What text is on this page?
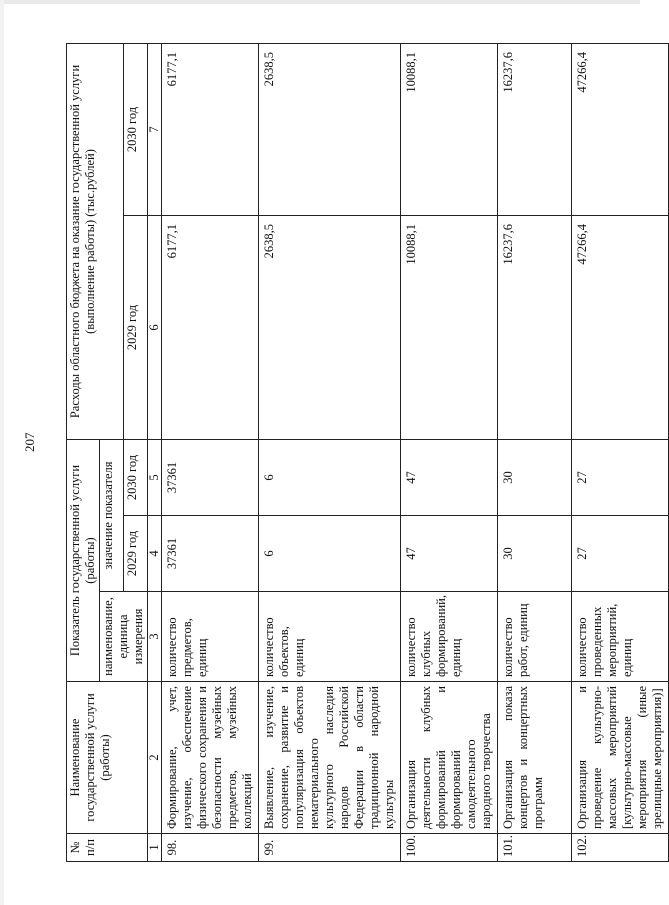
207
№ п/п	Наименование государственной услуги (работы)	Показатель государственной услуги (работы)			Расходы областного бюджета на оказание государственной услуги (выполнение работы) (тыс.рублей)	
		наименование, единица измерения	значение показателя			
			2029 год	2030 год	2029 год	2030 год
1	2	3	4	5	6	7
98.	Формирование, учет, изучение, обеспечение физического сохранения и безопасности музейных предметов, музейных коллекций	количество предметов, единиц	37361	37361	6177,1	6177,1
99.	Выявление, изучение, сохранение, развитие и популяризация объектов нематериального культурного наследия народов Российской Федерации в области традиционной народной культуры	количество объектов, единиц	6	6	2638,5	2638,5
100.	Организация деятельности клубных формирований и формирований самодеятельного народного творчества	количество клубных формирований, единиц	47	47	10088,1	10088,1
101.	Организация показа концертов и концертных программ	количество работ, единиц	30	30	16237,6	16237,6
102.	Организация и проведение культурно-массовых мероприятий [культурно-массовые мероприятия (иные зрелищные мероприятия)]	количество проведенных мероприятий, единиц	27	27	47266,4	47266,4
